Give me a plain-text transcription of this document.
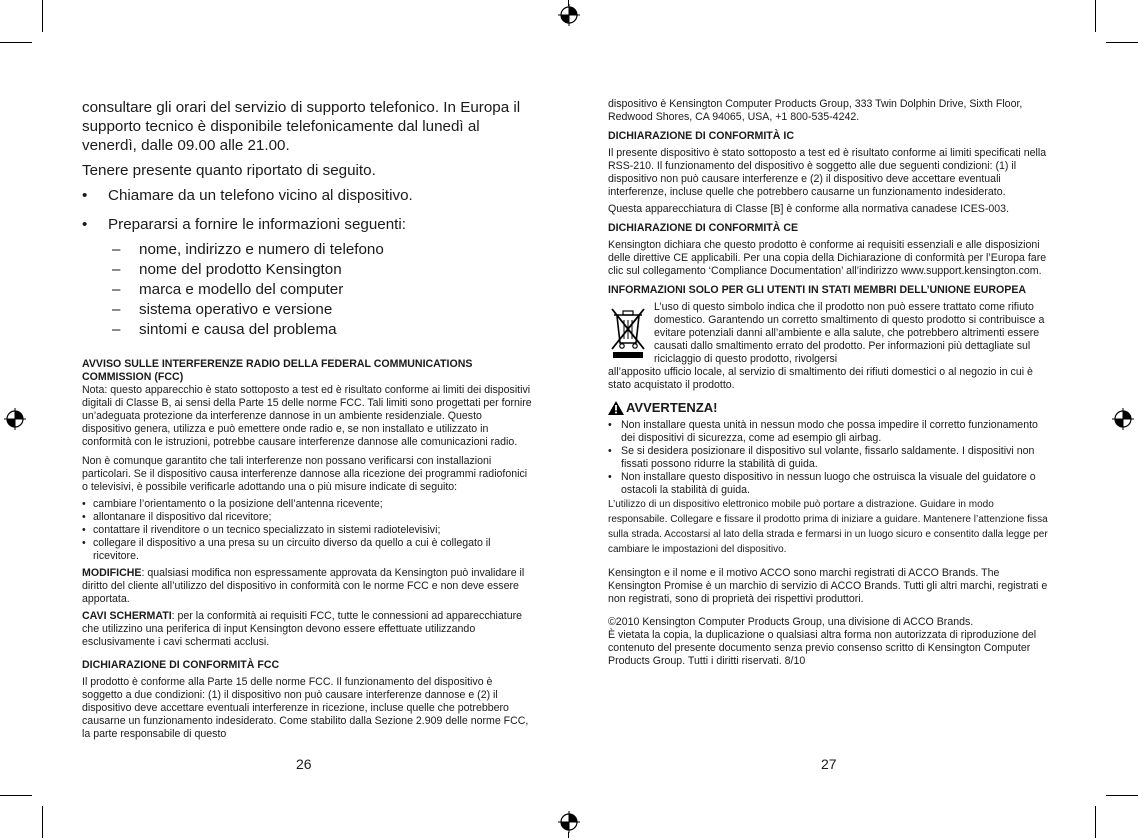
consultare gli orari del servizio di supporto telefonico. In Europa il supporto tecnico è disponibile telefonicamente dal lunedì al venerdì, dalle 09.00 alle 21.00.

Tenere presente quanto riportato di seguito.

•	Chiamare da un telefono vicino al dispositivo.
•	Prepararsi a fornire le informazioni seguenti:
–	nome, indirizzo e numero di telefono
–	nome del prodotto Kensington
–	marca e modello del computer
–	sistema operativo e versione
–	sintomi e causa del problema

AVVISO SULLE INTERFERENZE RADIO DELLA FEDERAL COMMUNICATIONS COMMISSION (FCC)

Nota: questo apparecchio è stato sottoposto a test ed è risultato conforme ai limiti dei dispositivi digitali di Classe B, ai sensi della Parte 15 delle norme FCC. Tali limiti sono progettati per fornire un’adeguata protezione da interferenze dannose in un ambiente residenziale. Questo dispositivo genera, utilizza e può emettere onde radio e, se non installato e utilizzato in conformità con le istruzioni, potrebbe causare interferenze dannose alle comunicazioni radio.

Non è comunque garantito che tali interferenze non possano verificarsi con installazioni particolari. Se il dispositivo causa interferenze dannose alla ricezione dei programmi radiofonici o televisivi, è possibile verificarle adottando una o più misure indicate di seguito:

• cambiare l’orientamento o la posizione dell’antenna ricevente;
• allontanare il dispositivo dal ricevitore;
• contattare il rivenditore o un tecnico specializzato in sistemi radiotelevisivi;
• collegare il dispositivo a una presa su un circuito diverso da quello a cui è collegato il ricevitore.

MODIFICHE: qualsiasi modifica non espressamente approvata da Kensington può invalidare il diritto del cliente all’utilizzo del dispositivo in conformità con le norme FCC e non deve essere apportata.

CAVI SCHERMATI: per la conformità ai requisiti FCC, tutte le connessioni ad apparecchiature che utilizzino una periferica di input Kensington devono essere effettuate utilizzando esclusivamente i cavi schermati acclusi.

DICHIARAZIONE DI CONFORMITÀ FCC

Il prodotto è conforme alla Parte 15 delle norme FCC. Il funzionamento del dispositivo è soggetto a due condizioni: (1) il dispositivo non può causare interferenze dannose e (2) il dispositivo deve accettare eventuali interferenze in ricezione, incluse quelle che potrebbero causarne un funzionamento indesiderato. Come stabilito dalla Sezione 2.909 delle norme FCC, la parte responsabile di questo

26

dispositivo è Kensington Computer Products Group, 333 Twin Dolphin Drive, Sixth Floor, Redwood Shores, CA 94065, USA, +1 800-535-4242.

DICHIARAZIONE DI CONFORMITÀ IC

Il presente dispositivo è stato sottoposto a test ed è risultato conforme ai limiti specificati nella RSS-210. Il funzionamento del dispositivo è soggetto alle due seguenti condizioni: (1) il dispositivo non può causare interferenze e (2) il dispositivo deve accettare eventuali interferenze, incluse quelle che potrebbero causarne un funzionamento indesiderato.

Questa apparecchiatura di Classe [B] è conforme alla normativa canadese ICES-003.

DICHIARAZIONE DI CONFORMITÀ CE

Kensington dichiara che questo prodotto è conforme ai requisiti essenziali e alle disposizioni delle direttive CE applicabili. Per una copia della Dichiarazione di conformità per l’Europa fare clic sul collegamento ‘Compliance Documentation’ all’indirizzo www.support.kensington.com.

INFORMAZIONI SOLO PER GLI UTENTI IN STATI MEMBRI DELL’UNIONE EUROPEA

L’uso di questo simbolo indica che il prodotto non può essere trattato come rifiuto domestico. Garantendo un corretto smaltimento di questo prodotto si contribuisce a evitare potenziali danni all’ambiente e alla salute, che potrebbero altrimenti essere causati dallo smaltimento errato del prodotto. Per informazioni più dettagliate sul riciclaggio di questo prodotto, rivolgersi

all’apposito ufficio locale, al servizio di smaltimento dei rifiuti domestici o al negozio in cui è stato acquistato il prodotto.

AVVERTENZA!
• Non installare questa unità in nessun modo che possa impedire il corretto funzionamento dei dispositivi di sicurezza, come ad esempio gli airbag.
• Se si desidera posizionare il dispositivo sul volante, fissarlo saldamente. I dispositivi non fissati possono ridurre la stabilità di guida.
• Non installare questo dispositivo in nessun luogo che ostruisca la visuale del guidatore o ostacoli la stabilità di guida.

L’utilizzo di un dispositivo elettronico mobile può portare a distrazione. Guidare in modo responsabile. Collegare e fissare il prodotto prima di iniziare a guidare. Mantenere l’attenzione fissa sulla strada. Accostarsi al lato della strada e fermarsi in un luogo sicuro e consentito dalla legge per cambiare le impostazioni del dispositivo.

Kensington e il nome e il motivo ACCO sono marchi registrati di ACCO Brands. The Kensington Promise è un marchio di servizio di ACCO Brands. Tutti gli altri marchi, registrati e non registrati, sono di proprietà dei rispettivi produttori.

©2010 Kensington Computer Products Group, una divisione di ACCO Brands.

È vietata la copia, la duplicazione o qualsiasi altra forma non autorizzata di riproduzione del contenuto del presente documento senza previo consenso scritto di Kensington Computer Products Group. Tutti i diritti riservati. 8/10

27
